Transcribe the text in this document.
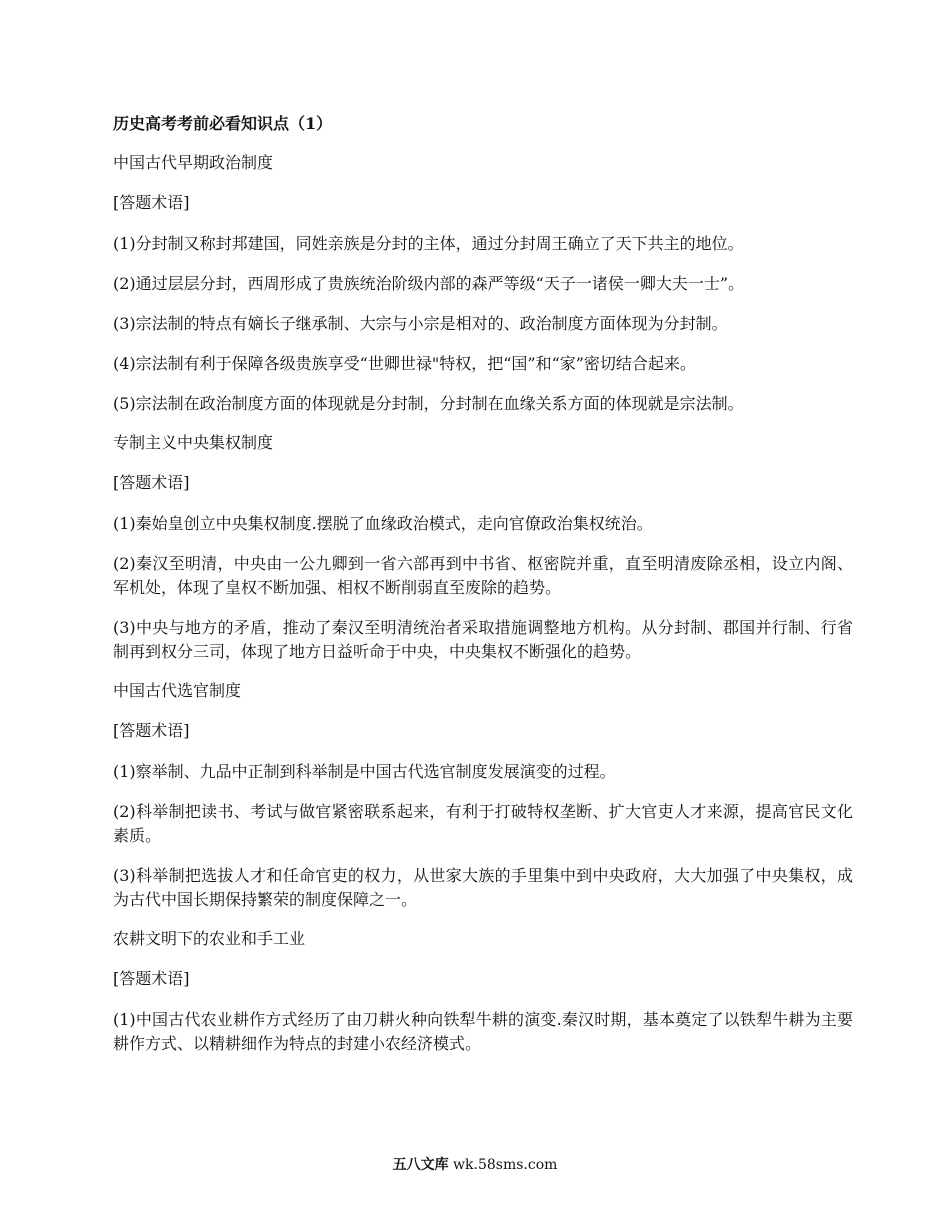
历史高考考前必看知识点（1）
中国古代早期政治制度
[答题术语]
(1)分封制又称封邦建国，同姓亲族是分封的主体，通过分封周王确立了天下共主的地位。
(2)通过层层分封，西周形成了贵族统治阶级内部的森严等级“天子一诸侯一卿大夫一士”。
(3)宗法制的特点有嫡长子继承制、大宗与小宗是相对的、政治制度方面体现为分封制。
(4)宗法制有利于保障各级贵族享受“世卿世禄"特权，把“国”和“家”密切结合起来。
(5)宗法制在政治制度方面的体现就是分封制，分封制在血缘关系方面的体现就是宗法制。
专制主义中央集权制度
[答题术语]
(1)秦始皇创立中央集权制度.摆脱了血缘政治模式，走向官僚政治集权统治。
(2)秦汉至明清，中央由一公九卿到一省六部再到中书省、枢密院并重，直至明清废除丞相，设立内阁、军机处，体现了皇权不断加强、相权不断削弱直至废除的趋势。
(3)中央与地方的矛盾，推动了秦汉至明清统治者采取措施调整地方机构。从分封制、郡国并行制、行省制再到权分三司，体现了地方日益听命于中央，中央集权不断强化的趋势。
中国古代选官制度
[答题术语]
(1)察举制、九品中正制到科举制是中国古代选官制度发展演变的过程。
(2)科举制把读书、考试与做官紧密联系起来，有利于打破特权垄断、扩大官吏人才来源，提高官民文化素质。
(3)科举制把选拔人才和任命官吏的权力，从世家大族的手里集中到中央政府，大大加强了中央集权，成为古代中国长期保持繁荣的制度保障之一。
农耕文明下的农业和手工业
[答题术语]
(1)中国古代农业耕作方式经历了由刀耕火种向铁犁牛耕的演变.秦汉时期，基本奠定了以铁犁牛耕为主要耕作方式、以精耕细作为特点的封建小农经济模式。
五八文库 wk.58sms.com
